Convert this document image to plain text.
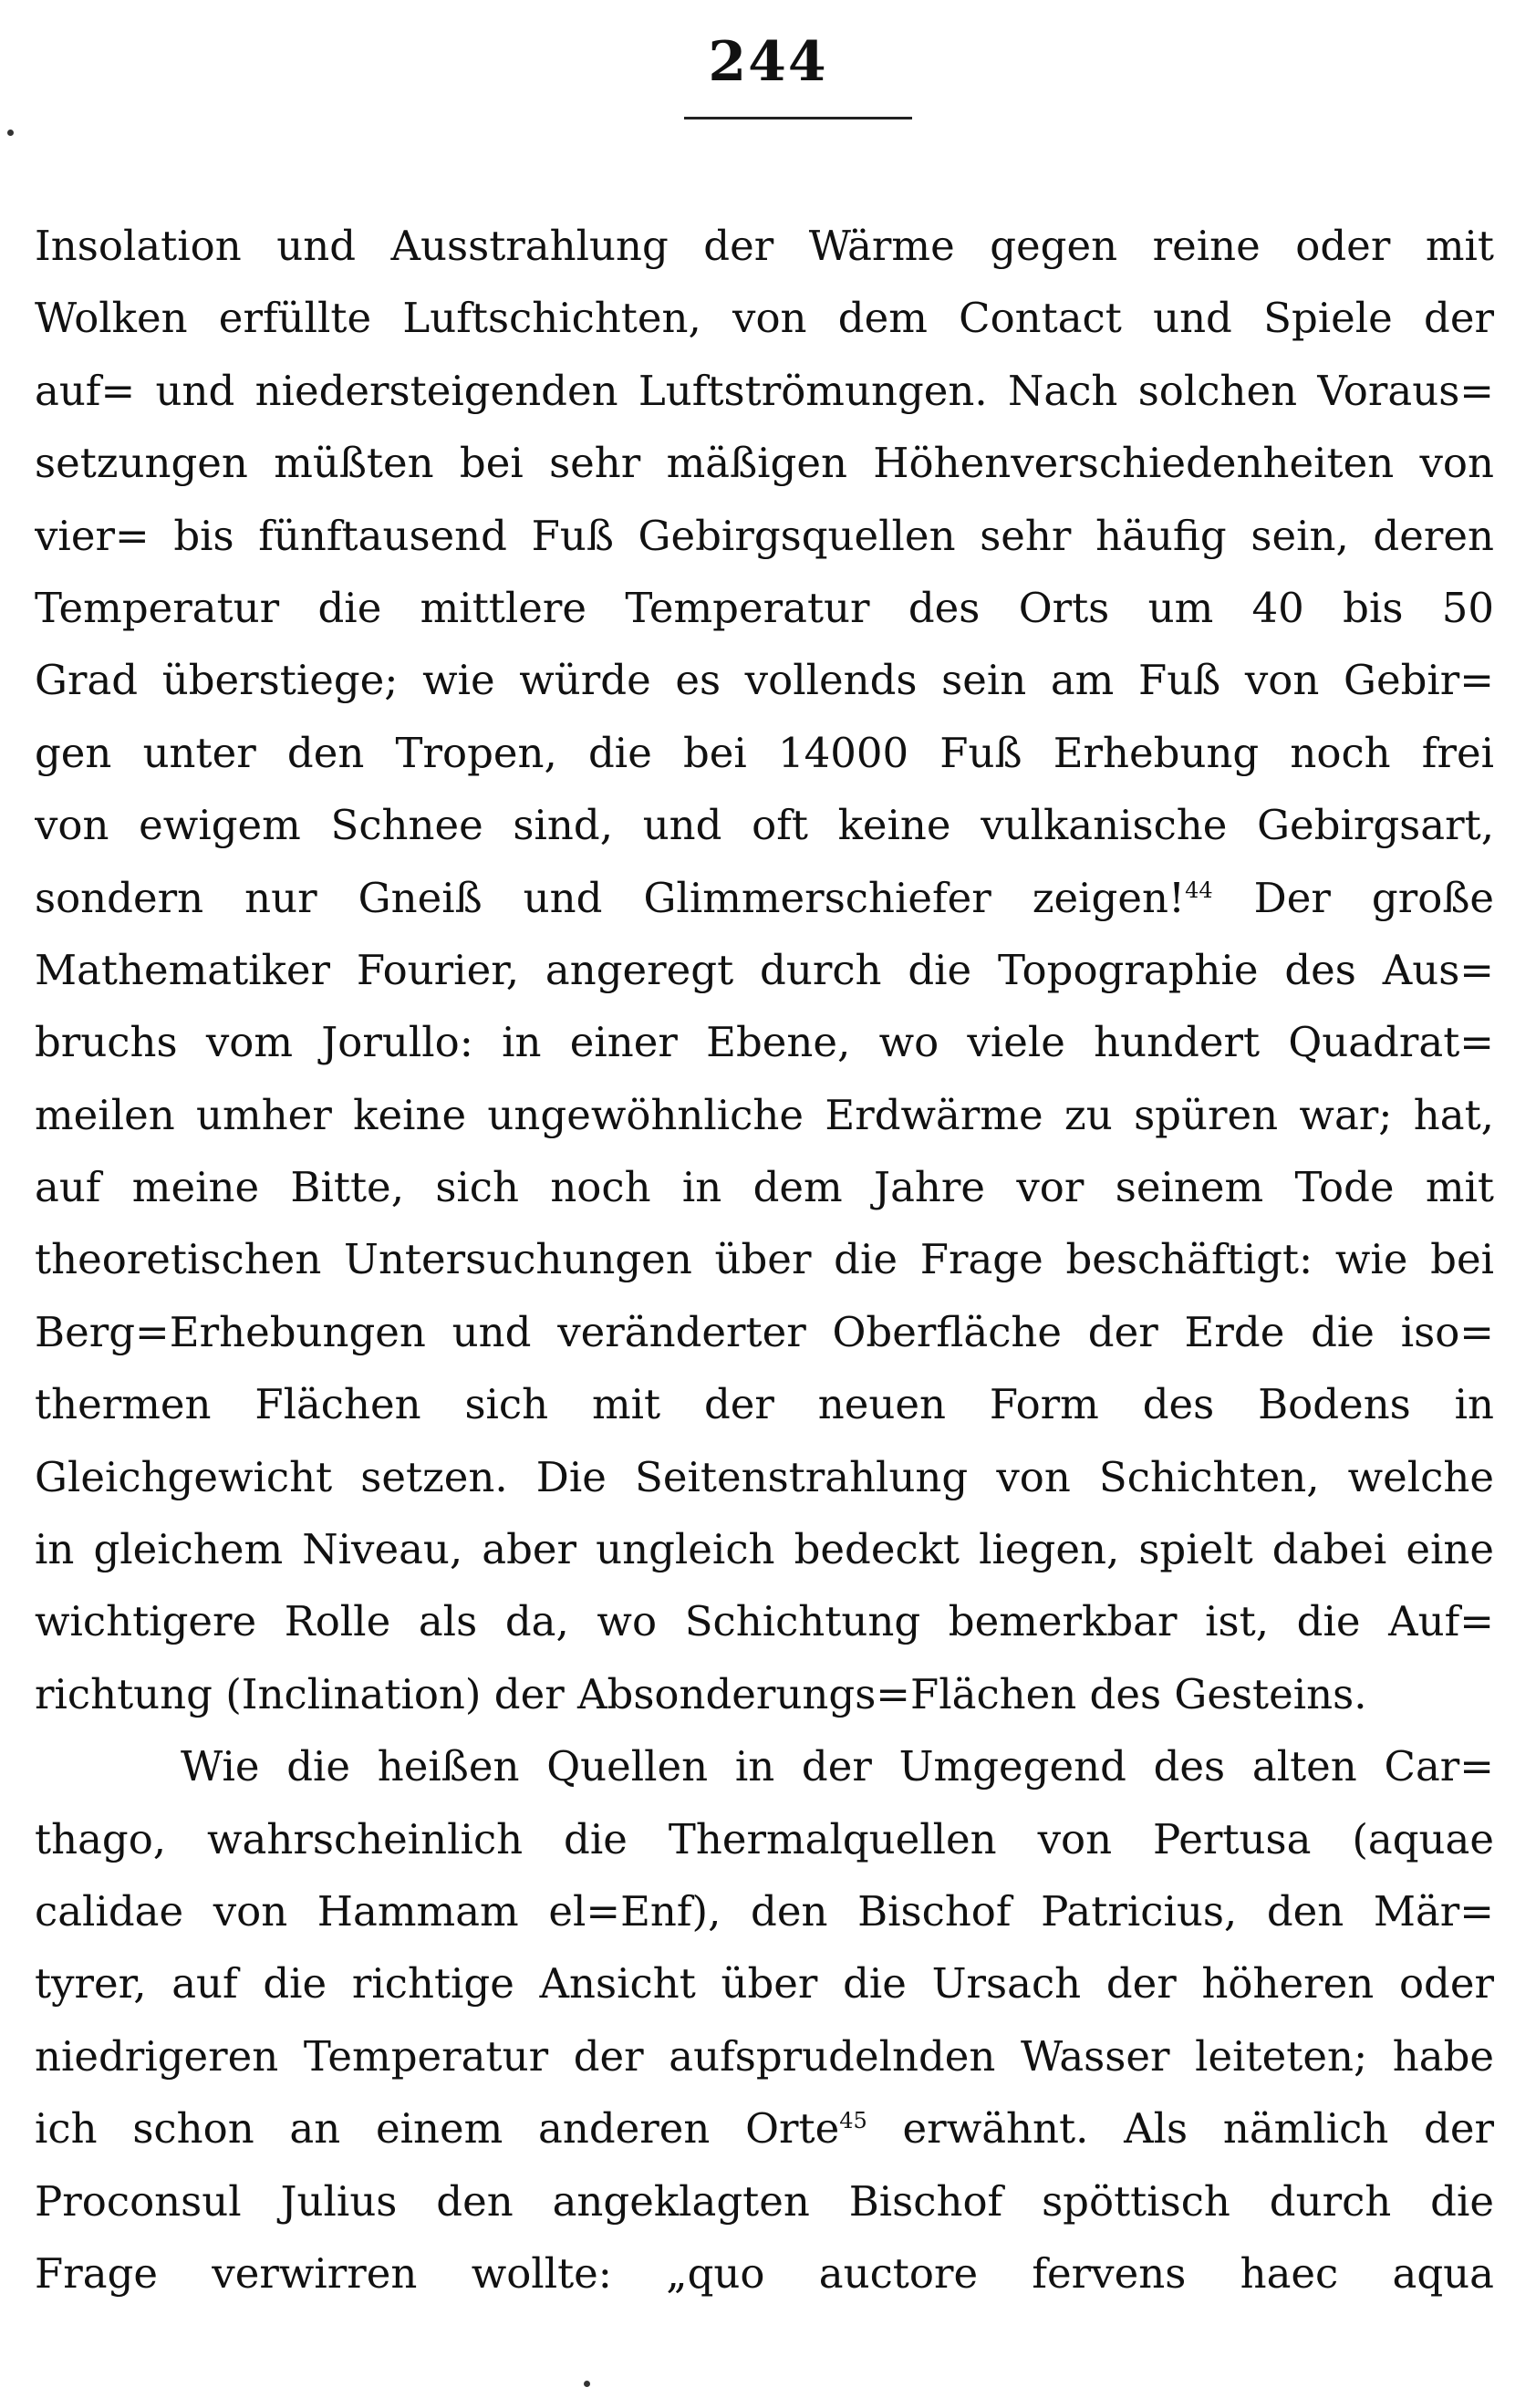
244
Insolation und Ausstrahlung der Wärme gegen reine oder mit
Wolken erfüllte Luftschichten, von dem Contact und Spiele der
auf= und niedersteigenden Luftströmungen. Nach solchen Voraus=
setzungen müßten bei sehr mäßigen Höhenverschiedenheiten von
vier= bis fünftausend Fuß Gebirgsquellen sehr häufig sein, deren
Temperatur die mittlere Temperatur des Orts um 40 bis 50
Grad überstiege; wie würde es vollends sein am Fuß von Gebir=
gen unter den Tropen, die bei 14000 Fuß Erhebung noch frei
von ewigem Schnee sind, und oft keine vulkanische Gebirgsart,
sondern nur Gneiß und Glimmerschiefer zeigen!$^{44}$ Der große
Mathematiker Fourier, angeregt durch die Topographie des Aus=
bruchs vom Jorullo: in einer Ebene, wo viele hundert Quadrat=
meilen umher keine ungewöhnliche Erdwärme zu spüren war; hat,
auf meine Bitte, sich noch in dem Jahre vor seinem Tode mit
theoretischen Untersuchungen über die Frage beschäftigt: wie bei
Berg=Erhebungen und veränderter Oberfläche der Erde die iso=
thermen Flächen sich mit der neuen Form des Bodens in
Gleichgewicht setzen. Die Seitenstrahlung von Schichten, welche
in gleichem Niveau, aber ungleich bedeckt liegen, spielt dabei eine
wichtigere Rolle als da, wo Schichtung bemerkbar ist, die Auf=
richtung (Inclination) der Absonderungs=Flächen des Gesteins.
Wie die heißen Quellen in der Umgegend des alten Car=
thago, wahrscheinlich die Thermalquellen von Pertusa (aquae
calidae von Hammam el=Enf), den Bischof Patricius, den Mär=
tyrer, auf die richtige Ansicht über die Ursach der höheren oder
niedrigeren Temperatur der aufsprudelnden Wasser leiteten; habe
ich schon an einem anderen Orte$^{45}$ erwähnt. Als nämlich der
Proconsul Julius den angeklagten Bischof spöttisch durch die
Frage verwirren wollte: „quo auctore fervens haec aqua
